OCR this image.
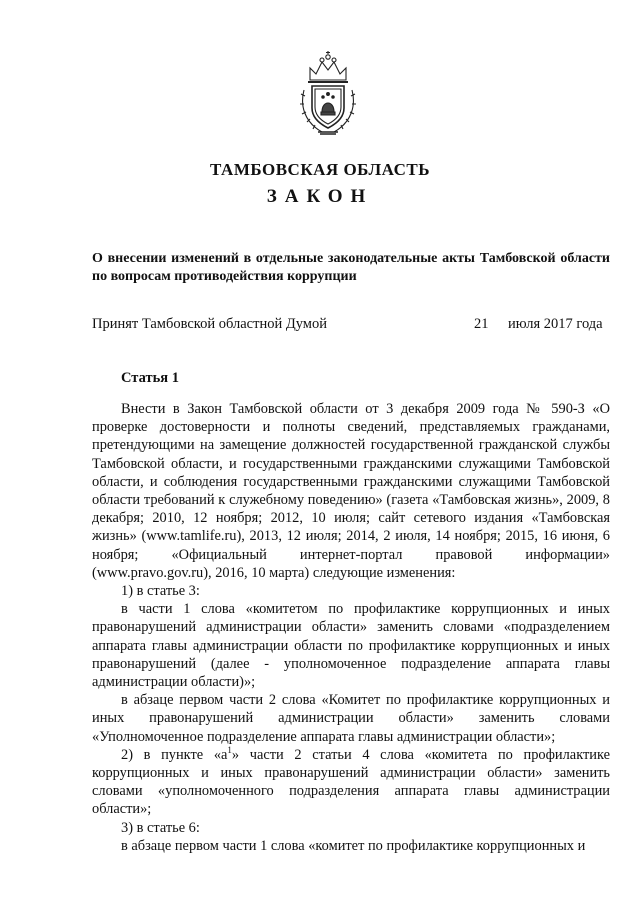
ТАМБОВСКАЯ ОБЛАСТЬ
ЗАКОН
О внесении изменений в отдельные законодательные акты Тамбовской области по вопросам противодействия коррупции
Принят Тамбовской областной Думой	21 июля 2017 года
Статья 1

Внести в Закон Тамбовской области от 3 декабря 2009 года № 590-З «О проверке достоверности и полноты сведений, представляемых гражданами, претендующими на замещение должностей государственной гражданской службы Тамбовской области, и государственными гражданскими служащими Тамбовской области, и соблюдения государственными гражданскими служащими Тамбовской области требований к служебному поведению» (газета «Тамбовская жизнь», 2009, 8 декабря; 2010, 12 ноября; 2012, 10 июля; сайт сетевого издания «Тамбовская жизнь» (www.tamlife.ru), 2013, 12 июля; 2014, 2 июля, 14 ноября; 2015, 16 июня, 6 ноября; «Официальный интернет-портал правовой информации» (www.pravo.gov.ru), 2016, 10 марта) следующие изменения:

1) в статье 3:

в части 1 слова «комитетом по профилактике коррупционных и иных правонарушений администрации области» заменить словами «подразделением аппарата главы администрации области по профилактике коррупционных и иных правонарушений (далее - уполномоченное подразделение аппарата главы администрации области)»;

в абзаце первом части 2 слова «Комитет по профилактике коррупционных и иных правонарушений администрации области» заменить словами «Уполномоченное подразделение аппарата главы администрации области»;

2) в пункте «$а^1$» части 2 статьи 4 слова «комитета по профилактике коррупционных и иных правонарушений администрации области» заменить словами «уполномоченного подразделения аппарата главы администрации области»;

3) в статье 6:

в абзаце первом части 1 слова «комитет по профилактике коррупционных и
